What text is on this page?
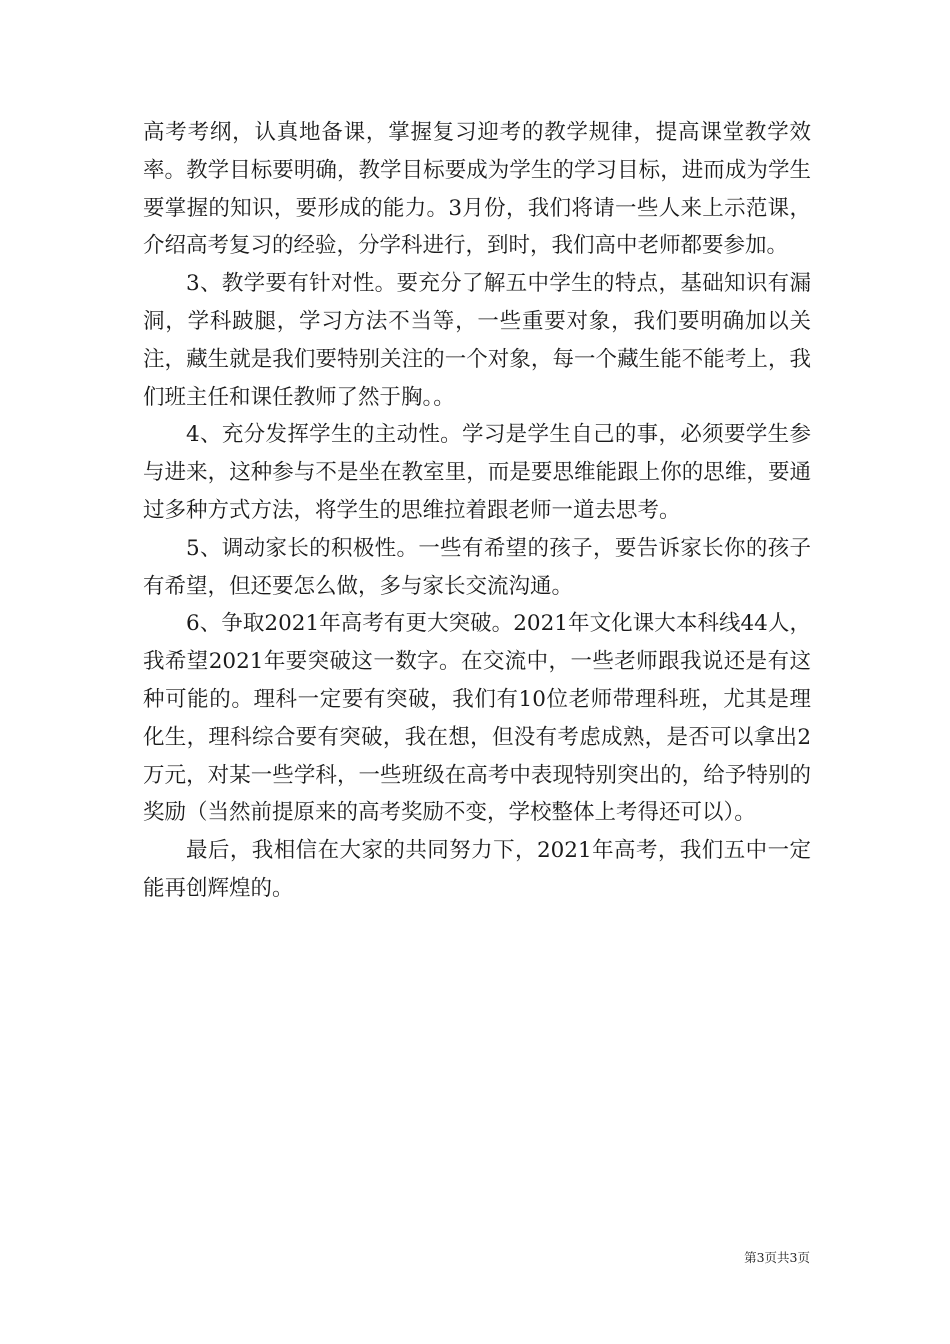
高考考纲，认真地备课，掌握复习迎考的教学规律，提高课堂教学效率。教学目标要明确，教学目标要成为学生的学习目标，进而成为学生要掌握的知识，要形成的能力。3月份，我们将请一些人来上示范课，介绍高考复习的经验，分学科进行，到时，我们高中老师都要参加。

3、教学要有针对性。要充分了解五中学生的特点，基础知识有漏洞，学科跛腿，学习方法不当等，一些重要对象，我们要明确加以关注，藏生就是我们要特别关注的一个对象，每一个藏生能不能考上，我们班主任和课任教师了然于胸。。

4、充分发挥学生的主动性。学习是学生自己的事，必须要学生参与进来，这种参与不是坐在教室里，而是要思维能跟上你的思维，要通过多种方式方法，将学生的思维拉着跟老师一道去思考。

5、调动家长的积极性。一些有希望的孩子，要告诉家长你的孩子有希望，但还要怎么做，多与家长交流沟通。

6、争取2021年高考有更大突破。2021年文化课大本科线44人，我希望2021年要突破这一数字。在交流中，一些老师跟我说还是有这种可能的。理科一定要有突破，我们有10位老师带理科班，尤其是理化生，理科综合要有突破，我在想，但没有考虑成熟，是否可以拿出2万元，对某一些学科，一些班级在高考中表现特别突出的，给予特别的奖励（当然前提原来的高考奖励不变，学校整体上考得还可以）。

最后，我相信在大家的共同努力下，2021年高考，我们五中一定能再创辉煌的。

第3页共3页
